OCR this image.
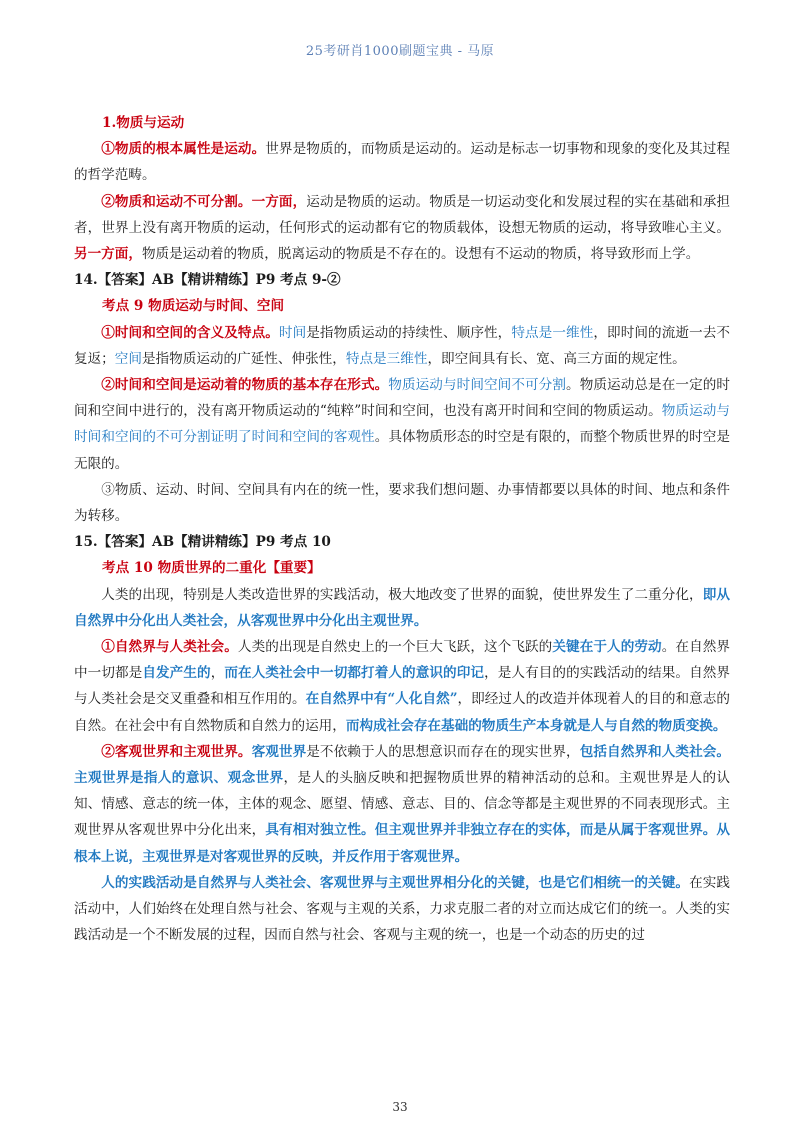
25考研肖1000刷题宝典 - 马原

1.物质与运动

①物质的根本属性是运动。世界是物质的，而物质是运动的。运动是标志一切事物和现象的变化及其过程的哲学范畴。

②物质和运动不可分割。一方面，运动是物质的运动。物质是一切运动变化和发展过程的实在基础和承担者，世界上没有离开物质的运动，任何形式的运动都有它的物质载体，设想无物质的运动，将导致唯心主义。另一方面，物质是运动着的物质，脱离运动的物质是不存在的。设想有不运动的物质，将导致形而上学。

14.【答案】AB【精讲精练】P9 考点 9-②

考点 9 物质运动与时间、空间

①时间和空间的含义及特点。时间是指物质运动的持续性、顺序性，特点是一维性，即时间的流逝一去不复返；空间是指物质运动的广延性、伸张性，特点是三维性，即空间具有长、宽、高三方面的规定性。

②时间和空间是运动着的物质的基本存在形式。物质运动与时间空间不可分割。物质运动总是在一定的时间和空间中进行的，没有离开物质运动的“纯粹”时间和空间，也没有离开时间和空间的物质运动。物质运动与时间和空间的不可分割证明了时间和空间的客观性。具体物质形态的时空是有限的，而整个物质世界的时空是无限的。

③物质、运动、时间、空间具有内在的统一性，要求我们想问题、办事情都要以具体的时间、地点和条件为转移。

15.【答案】AB【精讲精练】P9 考点 10

考点 10 物质世界的二重化【重要】

人类的出现，特别是人类改造世界的实践活动，极大地改变了世界的面貌，使世界发生了二重分化，即从自然界中分化出人类社会，从客观世界中分化出主观世界。

①自然界与人类社会。人类的出现是自然史上的一个巨大飞跃，这个飞跃的关键在于人的劳动。在自然界中一切都是自发产生的，而在人类社会中一切都打着人的意识的印记，是人有目的的实践活动的结果。自然界与人类社会是交叉重叠和相互作用的。在自然界中有“人化自然”，即经过人的改造并体现着人的目的和意志的自然。在社会中有自然物质和自然力的运用，而构成社会存在基础的物质生产本身就是人与自然的物质变换。

②客观世界和主观世界。客观世界是不依赖于人的思想意识而存在的现实世界，包括自然界和人类社会。主观世界是指人的意识、观念世界，是人的头脑反映和把握物质世界的精神活动的总和。主观世界是人的认知、情感、意志的统一体，主体的观念、愿望、情感、意志、目的、信念等都是主观世界的不同表现形式。主观世界从客观世界中分化出来，具有相对独立性。但主观世界并非独立存在的实体，而是从属于客观世界。从根本上说，主观世界是对客观世界的反映，并反作用于客观世界。

人的实践活动是自然界与人类社会、客观世界与主观世界相分化的关键，也是它们相统一的关键。在实践活动中，人们始终在处理自然与社会、客观与主观的关系，力求克服二者的对立而达成它们的统一。人类的实践活动是一个不断发展的过程，因而自然与社会、客观与主观的统一，也是一个动态的历史的过

33
